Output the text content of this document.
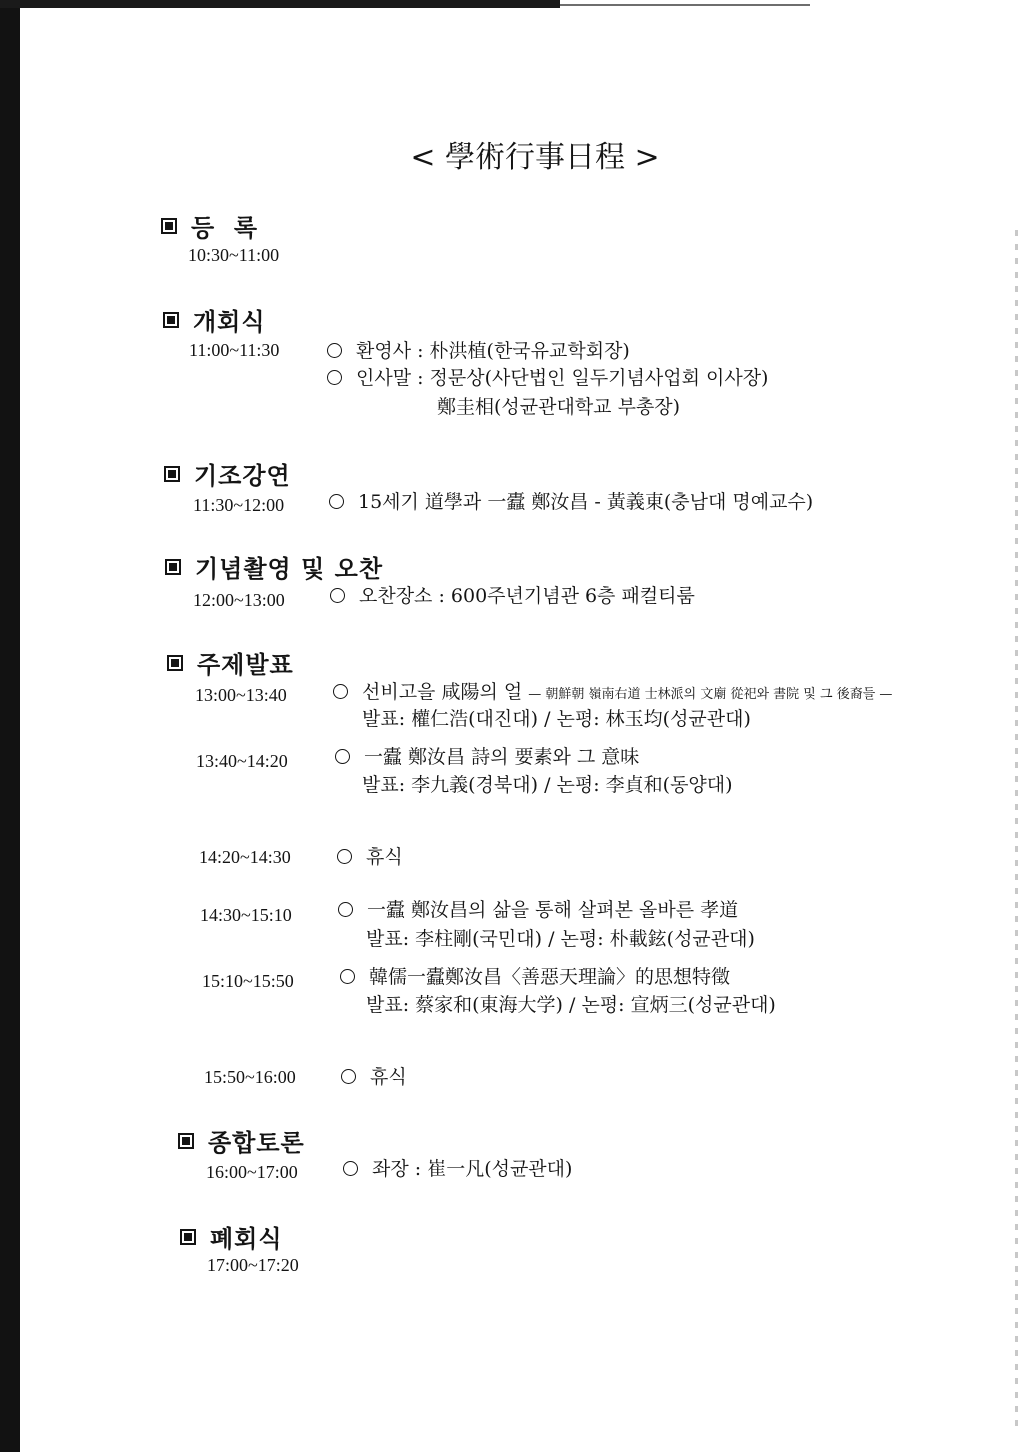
< 學術行事日程 >
등  록
10:30~11:00
개회식
11:00~11:30	환영사 : 朴洪植(한국유교학회장)
인사말 : 정문상(사단법인 일두기념사업회 이사장)
鄭圭相(성균관대학교 부총장)
기조강연
11:30~12:00	15세기 道學과 一蠹 鄭汝昌 - 黃義東(충남대 명예교수)
기념촬영 및 오찬
12:00~13:00	오찬장소 : 600주년기념관 6층 패컬티룸
주제발표
13:00~13:40	선비고을 咸陽의 얼 — 朝鮮朝 嶺南右道 士林派의 文廟 從祀와 書院 및 그 後裔들 —
발표: 權仁浩(대진대) / 논평: 林玉均(성균관대)
13:40~14:20	一蠹 鄭汝昌 詩의 要素와 그 意味
발표: 李九義(경북대) / 논평: 李貞和(동양대)
14:20~14:30	휴식
14:30~15:10	一蠹 鄭汝昌의 삶을 통해 살펴본 올바른 孝道
발표: 李柱剛(국민대) / 논평: 朴載鉉(성균관대)
15:10~15:50	韓儒一蠹鄭汝昌〈善惡天理論〉的思想特徵
발표: 蔡家和(東海大学) / 논평: 宣炳三(성균관대)
15:50~16:00	휴식
종합토론
16:00~17:00	좌장 : 崔一凡(성균관대)
폐회식
17:00~17:20
